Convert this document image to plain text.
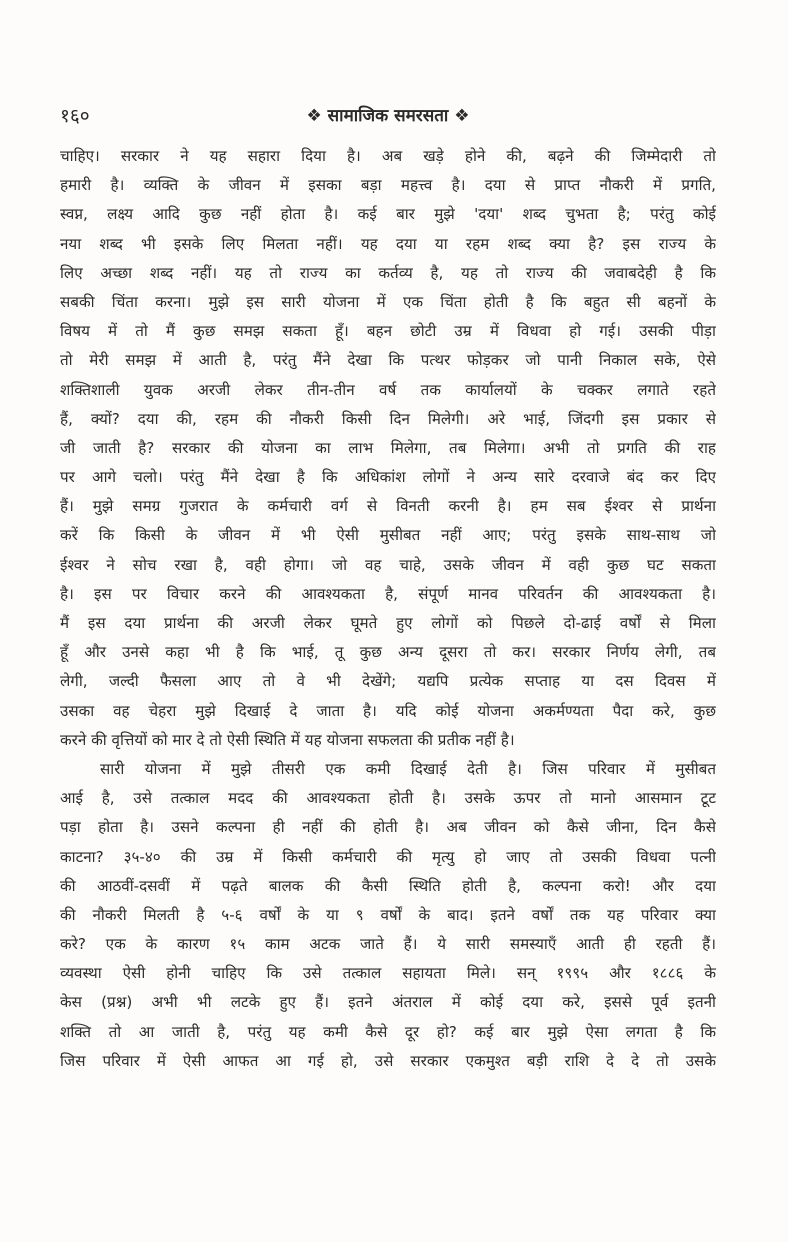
१६०	❖ सामाजिक समरसता ❖
चाहिए। सरकार ने यह सहारा दिया है। अब खड़े होने की, बढ़ने की जिम्मेदारी तो
हमारी है। व्यक्ति के जीवन में इसका बड़ा महत्त्व है। दया से प्राप्त नौकरी में प्रगति,
स्वप्न, लक्ष्य आदि कुछ नहीं होता है। कई बार मुझे 'दया' शब्द चुभता है; परंतु कोई
नया शब्द भी इसके लिए मिलता नहीं। यह दया या रहम शब्द क्या है? इस राज्य के
लिए अच्छा शब्द नहीं। यह तो राज्य का कर्तव्य है, यह तो राज्य की जवाबदेही है कि
सबकी चिंता करना। मुझे इस सारी योजना में एक चिंता होती है कि बहुत सी बहनों के
विषय में तो मैं कुछ समझ सकता हूँ। बहन छोटी उम्र में विधवा हो गई। उसकी पीड़ा
तो मेरी समझ में आती है, परंतु मैंने देखा कि पत्थर फोड़कर जो पानी निकाल सके, ऐसे
शक्तिशाली युवक अरजी लेकर तीन-तीन वर्ष तक कार्यालयों के चक्कर लगाते रहते
हैं, क्यों? दया की, रहम की नौकरी किसी दिन मिलेगी। अरे भाई, जिंदगी इस प्रकार से
जी जाती है? सरकार की योजना का लाभ मिलेगा, तब मिलेगा। अभी तो प्रगति की राह
पर आगे चलो। परंतु मैंने देखा है कि अधिकांश लोगों ने अन्य सारे दरवाजे बंद कर दिए
हैं। मुझे समग्र गुजरात के कर्मचारी वर्ग से विनती करनी है। हम सब ईश्वर से प्रार्थना
करें कि किसी के जीवन में भी ऐसी मुसीबत नहीं आए; परंतु इसके साथ-साथ जो
ईश्वर ने सोच रखा है, वही होगा। जो वह चाहे, उसके जीवन में वही कुछ घट सकता
है। इस पर विचार करने की आवश्यकता है, संपूर्ण मानव परिवर्तन की आवश्यकता है।
मैं इस दया प्रार्थना की अरजी लेकर घूमते हुए लोगों को पिछले दो-ढाई वर्षों से मिला
हूँ और उनसे कहा भी है कि भाई, तू कुछ अन्य दूसरा तो कर। सरकार निर्णय लेगी, तब
लेगी, जल्दी फैसला आए तो वे भी देखेंगे; यद्यपि प्रत्येक सप्ताह या दस दिवस में
उसका वह चेहरा मुझे दिखाई दे जाता है। यदि कोई योजना अकर्मण्यता पैदा करे, कुछ
करने की वृत्तियों को मार दे तो ऐसी स्थिति में यह योजना सफलता की प्रतीक नहीं है।
सारी योजना में मुझे तीसरी एक कमी दिखाई देती है। जिस परिवार में मुसीबत
आई है, उसे तत्काल मदद की आवश्यकता होती है। उसके ऊपर तो मानो आसमान टूट
पड़ा होता है। उसने कल्पना ही नहीं की होती है। अब जीवन को कैसे जीना, दिन कैसे
काटना? ३५-४० की उम्र में किसी कर्मचारी की मृत्यु हो जाए तो उसकी विधवा पत्नी
की आठवीं-दसवीं में पढ़ते बालक की कैसी स्थिति होती है, कल्पना करो! और दया
की नौकरी मिलती है ५-६ वर्षों के या ९ वर्षों के बाद। इतने वर्षों तक यह परिवार क्या
करे? एक के कारण १५ काम अटक जाते हैं। ये सारी समस्याएँ आती ही रहती हैं।
व्यवस्था ऐसी होनी चाहिए कि उसे तत्काल सहायता मिले। सन् १९९५ और १८८६ के
केस (प्रश्न) अभी भी लटके हुए हैं। इतने अंतराल में कोई दया करे, इससे पूर्व इतनी
शक्ति तो आ जाती है, परंतु यह कमी कैसे दूर हो? कई बार मुझे ऐसा लगता है कि
जिस परिवार में ऐसी आफत आ गई हो, उसे सरकार एकमुश्त बड़ी राशि दे दे तो उसके
